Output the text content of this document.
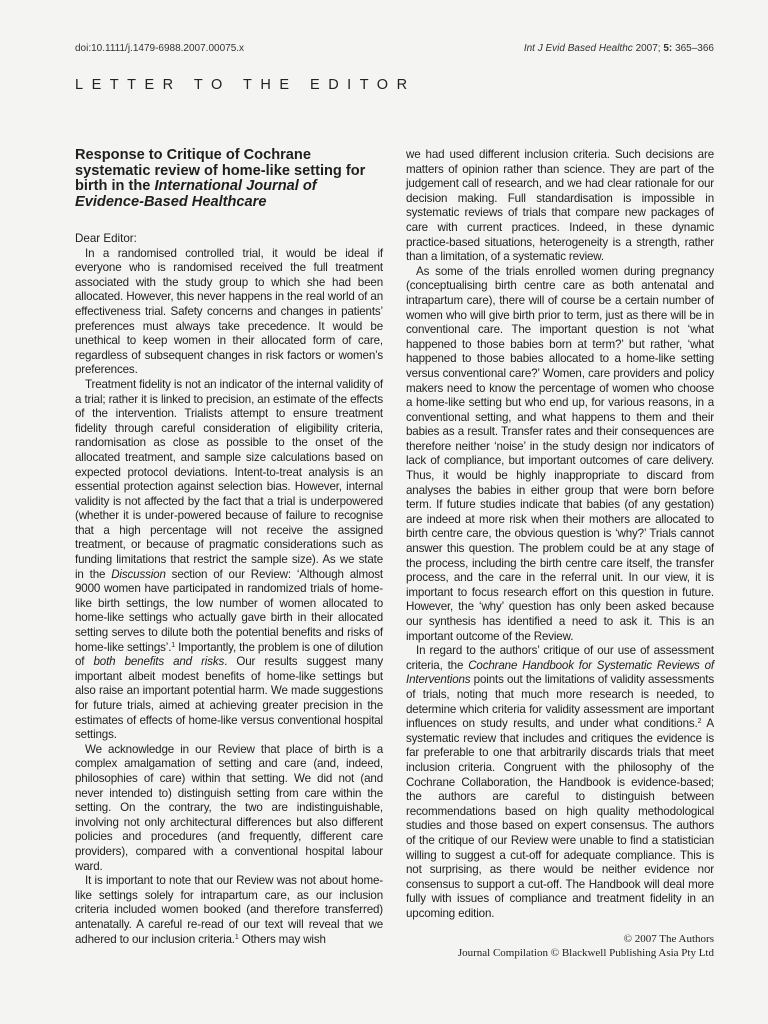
doi:10.1111/j.1479-6988.2007.00075.x	Int J Evid Based Healthc 2007; 5: 365–366
LETTER TO THE EDITOR
Response to Critique of Cochrane systematic review of home-like setting for birth in the International Journal of Evidence-Based Healthcare

Dear Editor:

In a randomised controlled trial, it would be ideal if everyone who is randomised received the full treatment associated with the study group to which she had been allocated. However, this never happens in the real world of an effectiveness trial. Safety concerns and changes in patients’ preferences must always take precedence. It would be unethical to keep women in their allocated form of care, regardless of subsequent changes in risk factors or women’s preferences.

Treatment fidelity is not an indicator of the internal validity of a trial; rather it is linked to precision, an estimate of the effects of the intervention. Trialists attempt to ensure treatment fidelity through careful consideration of eligibility criteria, randomisation as close as possible to the onset of the allocated treatment, and sample size calculations based on expected protocol deviations. Intent-to-treat analysis is an essential protection against selection bias. However, internal validity is not affected by the fact that a trial is underpowered (whether it is under-powered because of failure to recognise that a high percentage will not receive the assigned treatment, or because of pragmatic considerations such as funding limitations that restrict the sample size). As we state in the Discussion section of our Review: ‘Although almost 9000 women have participated in randomized trials of home-like birth settings, the low number of women allocated to home-like settings who actually gave birth in their allocated setting serves to dilute both the potential benefits and risks of home-like settings’.$^1$ Importantly, the problem is one of dilution of both benefits and risks. Our results suggest many important albeit modest benefits of home-like settings but also raise an important potential harm. We made suggestions for future trials, aimed at achieving greater precision in the estimates of effects of home-like versus conventional hospital settings.

We acknowledge in our Review that place of birth is a complex amalgamation of setting and care (and, indeed, philosophies of care) within that setting. We did not (and never intended to) distinguish setting from care within the setting. On the contrary, the two are indistinguishable, involving not only architectural differences but also different policies and procedures (and frequently, different care providers), compared with a conventional hospital labour ward.

It is important to note that our Review was not about home-like settings solely for intrapartum care, as our inclusion criteria included women booked (and therefore transferred) antenatally. A careful re-read of our text will reveal that we adhered to our inclusion criteria.$^1$ Others may wish

we had used different inclusion criteria. Such decisions are matters of opinion rather than science. They are part of the judgement call of research, and we had clear rationale for our decision making. Full standardisation is impossible in systematic reviews of trials that compare new packages of care with current practices. Indeed, in these dynamic practice-based situations, heterogeneity is a strength, rather than a limitation, of a systematic review.

As some of the trials enrolled women during pregnancy (conceptualising birth centre care as both antenatal and intrapartum care), there will of course be a certain number of women who will give birth prior to term, just as there will be in conventional care. The important question is not ‘what happened to those babies born at term?’ but rather, ‘what happened to those babies allocated to a home-like setting versus conventional care?’ Women, care providers and policy makers need to know the percentage of women who choose a home-like setting but who end up, for various reasons, in a conventional setting, and what happens to them and their babies as a result. Transfer rates and their consequences are therefore neither ‘noise’ in the study design nor indicators of lack of compliance, but important outcomes of care delivery. Thus, it would be highly inappropriate to discard from analyses the babies in either group that were born before term. If future studies indicate that babies (of any gestation) are indeed at more risk when their mothers are allocated to birth centre care, the obvious question is ‘why?’ Trials cannot answer this question. The problem could be at any stage of the process, including the birth centre care itself, the transfer process, and the care in the referral unit. In our view, it is important to focus research effort on this question in future. However, the ‘why’ question has only been asked because our synthesis has identified a need to ask it. This is an important outcome of the Review.

In regard to the authors’ critique of our use of assessment criteria, the Cochrane Handbook for Systematic Reviews of Interventions points out the limitations of validity assessments of trials, noting that much more research is needed, to determine which criteria for validity assessment are important influences on study results, and under what conditions.$^2$ A systematic review that includes and critiques the evidence is far preferable to one that arbitrarily discards trials that meet inclusion criteria. Congruent with the philosophy of the Cochrane Collaboration, the Handbook is evidence-based; the authors are careful to distinguish between recommendations based on high quality methodological studies and those based on expert consensus. The authors of the critique of our Review were unable to find a statistician willing to suggest a cut-off for adequate compliance. This is not surprising, as there would be neither evidence nor consensus to support a cut-off. The Handbook will deal more fully with issues of compliance and treatment fidelity in an upcoming edition.

© 2007 The Authors
Journal Compilation © Blackwell Publishing Asia Pty Ltd
